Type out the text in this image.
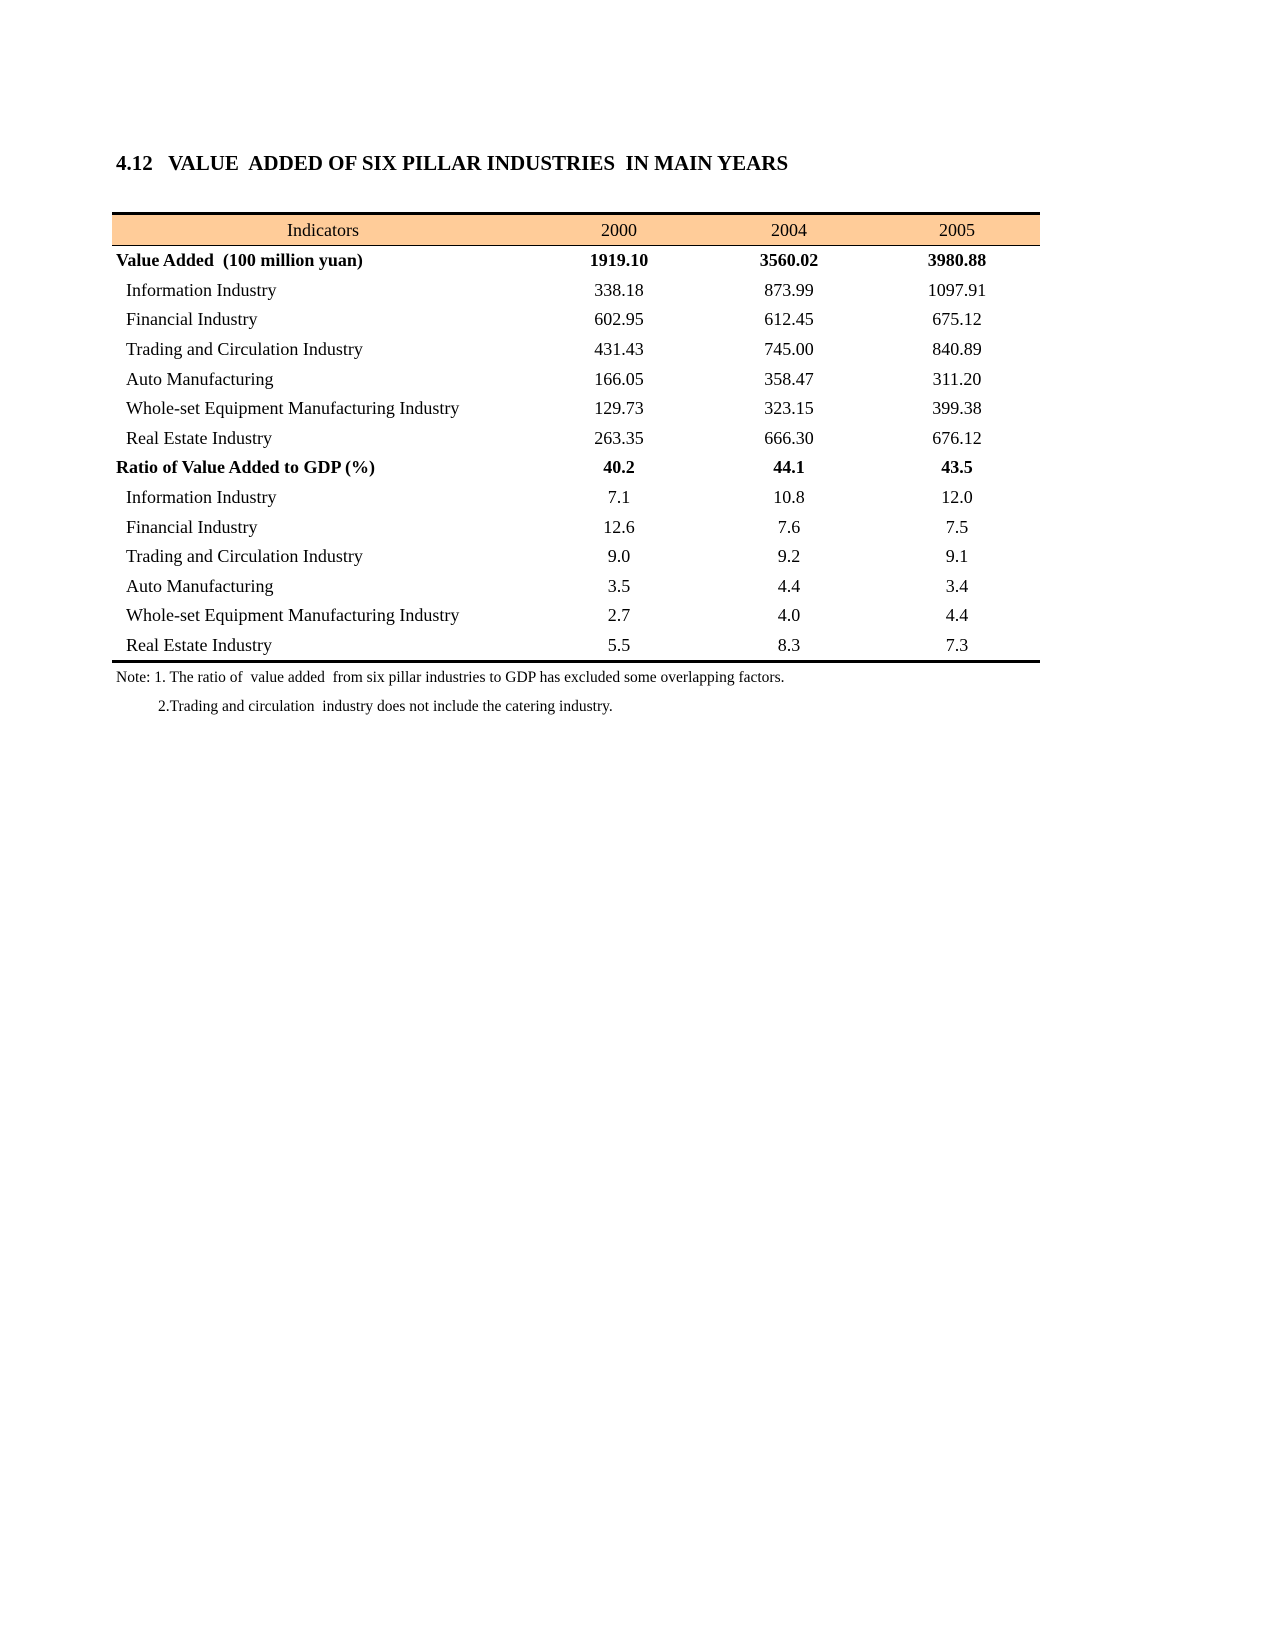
4.12   VALUE  ADDED OF SIX PILLAR INDUSTRIES  IN MAIN YEARS
Indicators	2000	2004	2005
Value Added  (100 million yuan)	1919.10	3560.02	3980.88
Information Industry	338.18	873.99	1097.91
Financial Industry	602.95	612.45	675.12
Trading and Circulation Industry	431.43	745.00	840.89
Auto Manufacturing	166.05	358.47	311.20
Whole-set Equipment Manufacturing Industry	129.73	323.15	399.38
Real Estate Industry	263.35	666.30	676.12
Ratio of Value Added to GDP (%)	40.2	44.1	43.5
Information Industry	7.1	10.8	12.0
Financial Industry	12.6	7.6	7.5
Trading and Circulation Industry	9.0	9.2	9.1
Auto Manufacturing	3.5	4.4	3.4
Whole-set Equipment Manufacturing Industry	2.7	4.0	4.4
Real Estate Industry	5.5	8.3	7.3

Note: 1. The ratio of  value added  from six pillar industries to GDP has excluded some overlapping factors.

2.Trading and circulation  industry does not include the catering industry.
